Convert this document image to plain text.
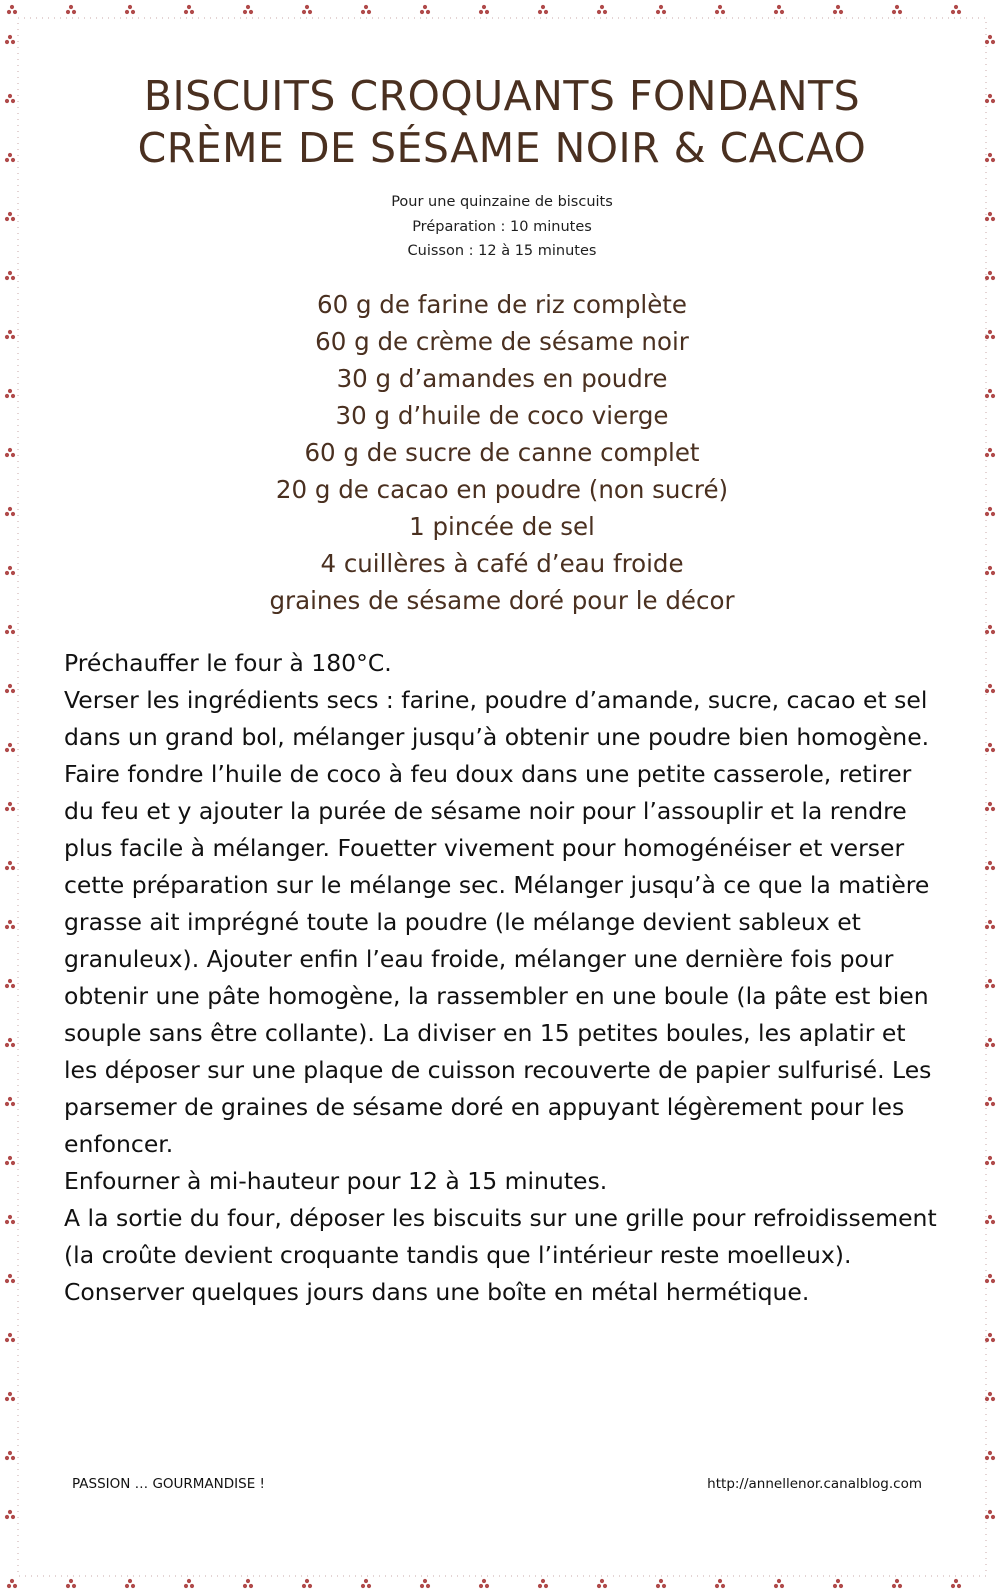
BISCUITS CROQUANTS FONDANTS
CRÈME DE SÉSAME NOIR & CACAO
Pour une quinzaine de biscuits
Préparation : 10 minutes
Cuisson : 12 à 15 minutes
60 g de farine de riz complète
60 g de crème de sésame noir
30 g d’amandes en poudre
30 g d’huile de coco vierge
60 g de sucre de canne complet
20 g de cacao en poudre (non sucré)
1 pincée de sel
4 cuillères à café d’eau froide
graines de sésame doré pour le décor

Préchauffer le four à 180°C.

Verser les ingrédients secs : farine, poudre d’amande, sucre, cacao et sel dans un grand bol, mélanger jusqu’à obtenir une poudre bien homogène.

Faire fondre l’huile de coco à feu doux dans une petite casserole, retirer du feu et y ajouter la purée de sésame noir pour l’assouplir et la rendre plus facile à mélanger. Fouetter vivement pour homogénéiser et verser cette préparation sur le mélange sec. Mélanger jusqu’à ce que la matière grasse ait imprégné toute la poudre (le mélange devient sableux et granuleux). Ajouter enfin l’eau froide, mélanger une dernière fois pour obtenir une pâte homogène, la rassembler en une boule (la pâte est bien souple sans être collante). La diviser en 15 petites boules, les aplatir et les déposer sur une plaque de cuisson recouverte de papier sulfurisé. Les parsemer de graines de sésame doré en appuyant légèrement pour les enfoncer.

Enfourner à mi-hauteur pour 12 à 15 minutes.

A la sortie du four, déposer les biscuits sur une grille pour refroidissement (la croûte devient croquante tandis que l’intérieur reste moelleux).

Conserver quelques jours dans une boîte en métal hermétique.

PASSION … GOURMANDISE !	http://annellenor.canalblog.com
